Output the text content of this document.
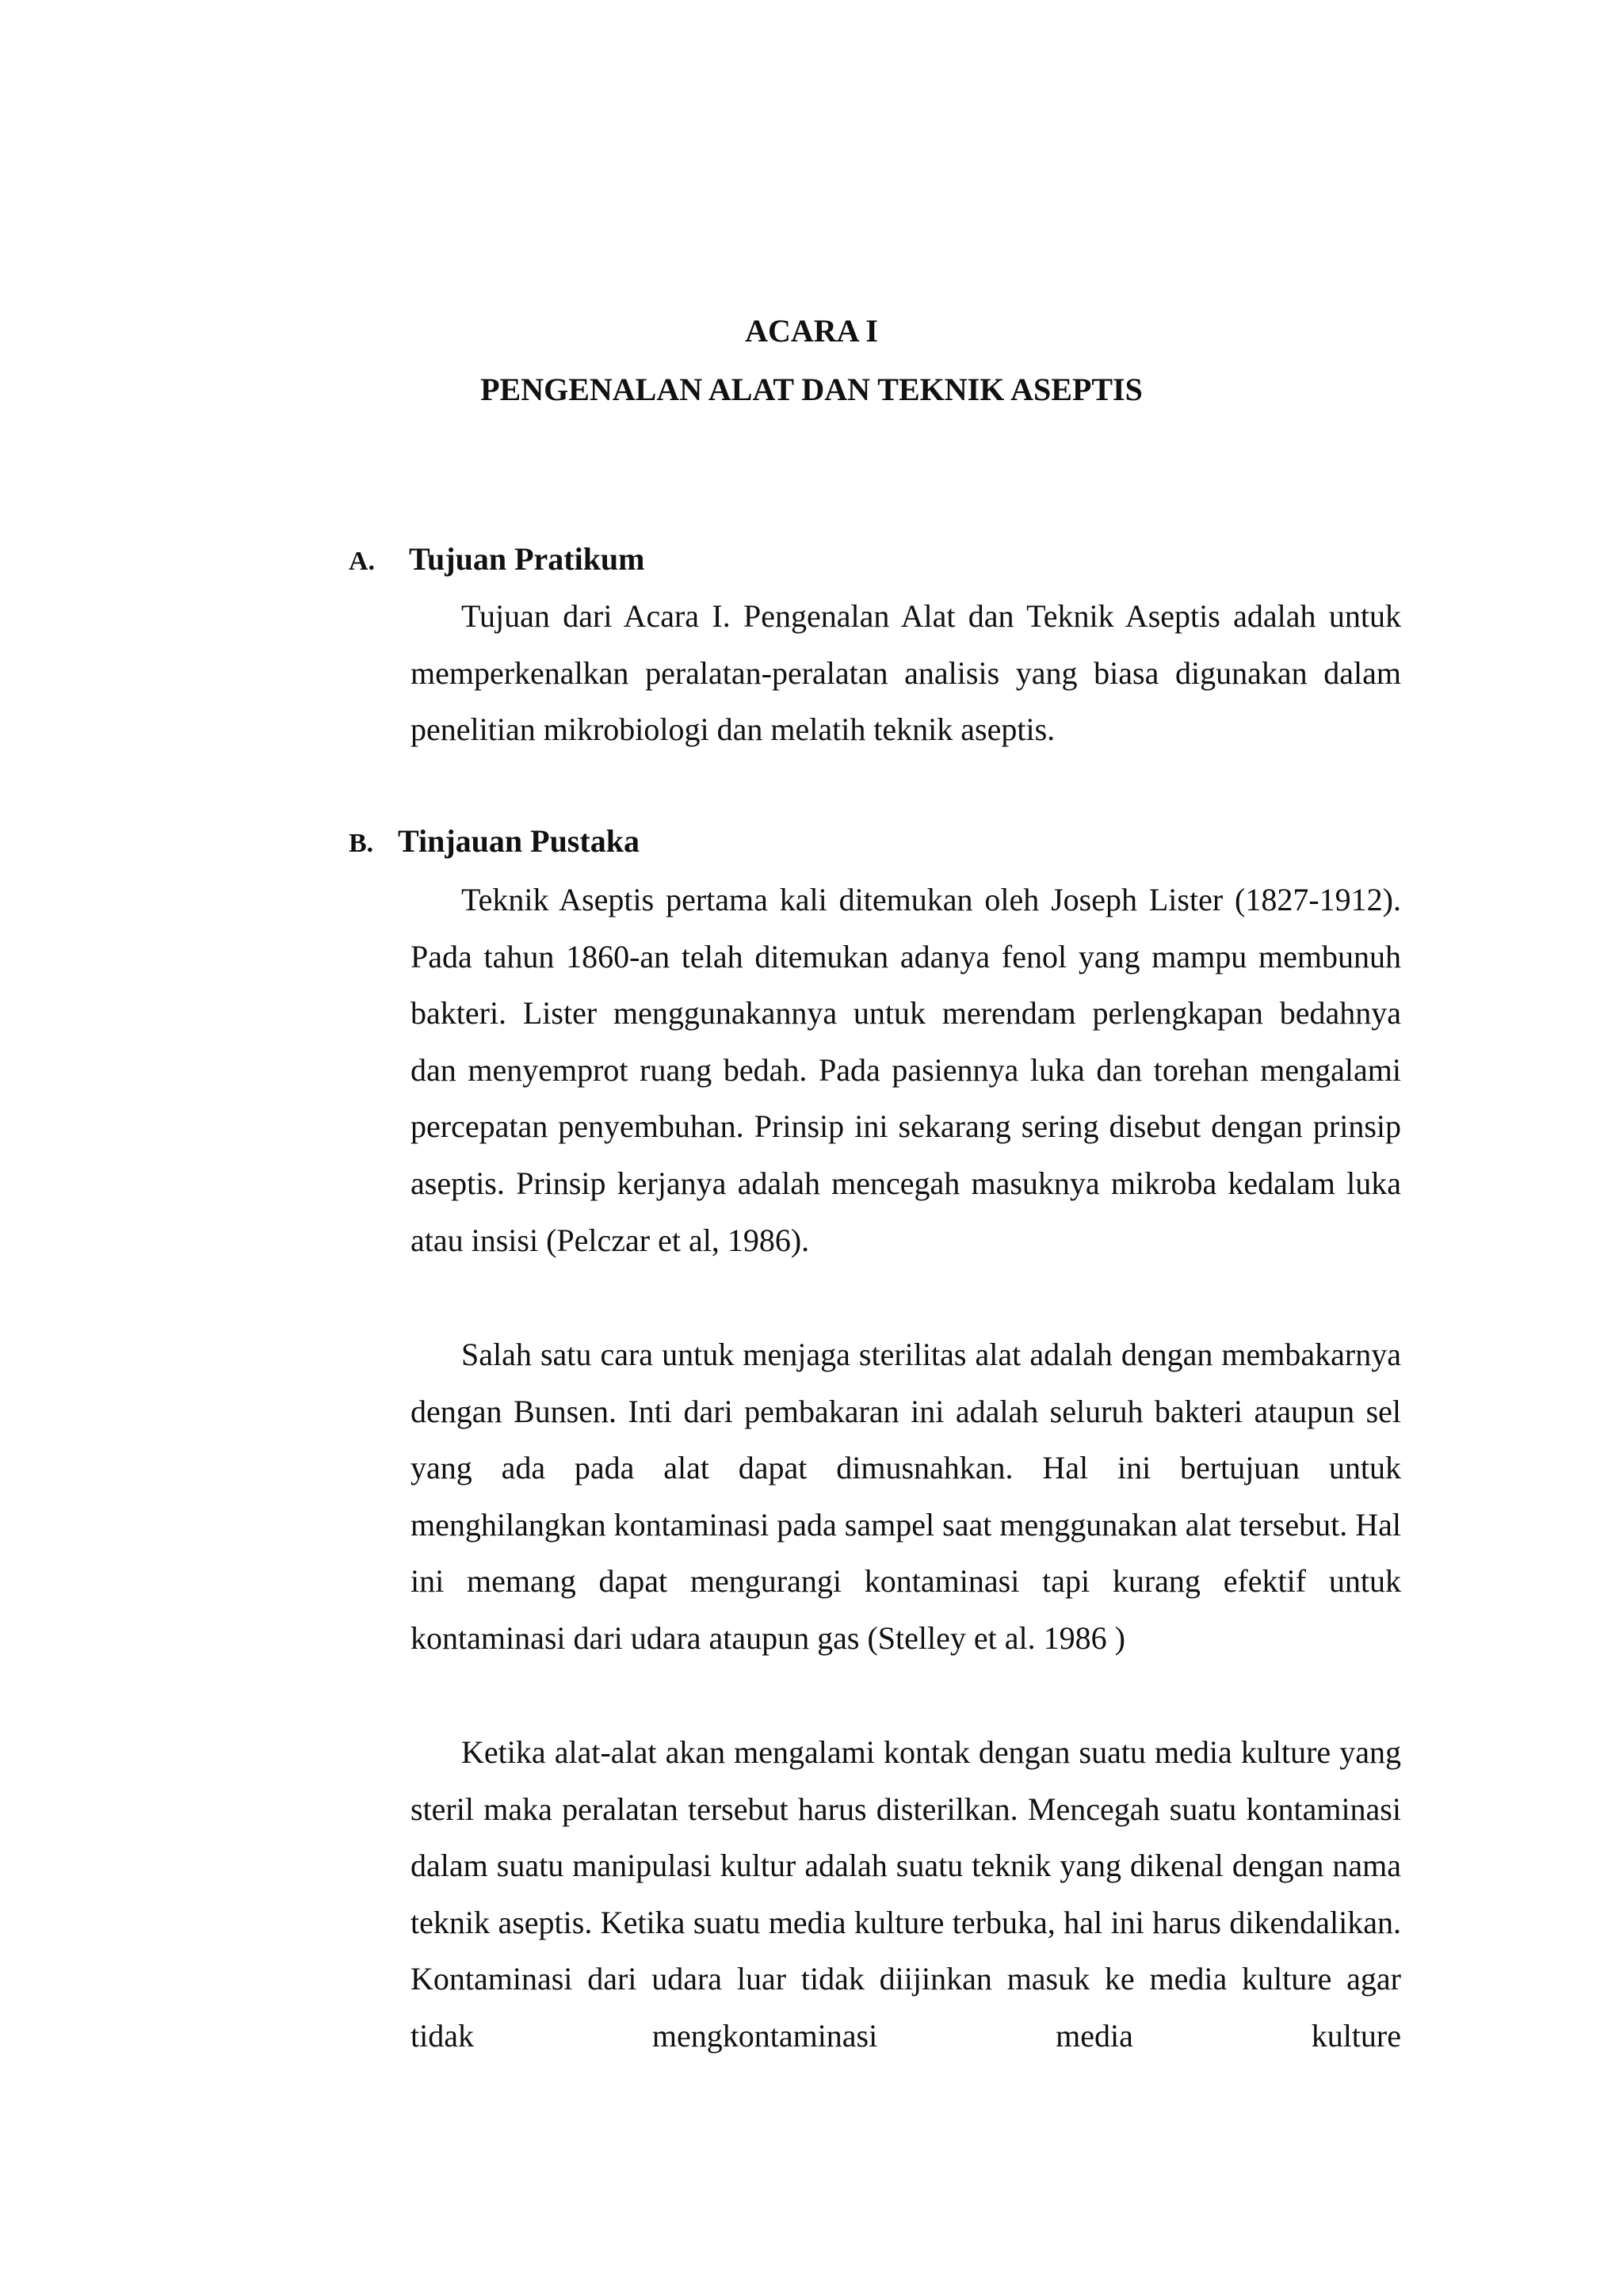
ACARA I
PENGENALAN ALAT DAN TEKNIK ASEPTIS
A. Tujuan Pratikum

Tujuan dari Acara I. Pengenalan Alat dan Teknik Aseptis adalah untuk memperkenalkan peralatan-peralatan analisis yang biasa digunakan dalam penelitian mikrobiologi dan melatih teknik aseptis.

B. Tinjauan Pustaka

Teknik Aseptis pertama kali ditemukan oleh Joseph Lister (1827-1912). Pada tahun 1860-an telah ditemukan adanya fenol yang mampu membunuh bakteri. Lister menggunakannya untuk merendam perlengkapan bedahnya dan menyemprot ruang bedah. Pada pasiennya luka dan torehan mengalami percepatan penyembuhan. Prinsip ini sekarang sering disebut dengan prinsip aseptis. Prinsip kerjanya adalah mencegah masuknya mikroba kedalam luka atau insisi (Pelczar et al, 1986).

Salah satu cara untuk menjaga sterilitas alat adalah dengan membakarnya dengan Bunsen. Inti dari pembakaran ini adalah seluruh bakteri ataupun sel yang ada pada alat dapat dimusnahkan. Hal ini bertujuan untuk menghilangkan kontaminasi pada sampel saat menggunakan alat tersebut. Hal ini memang dapat mengurangi kontaminasi tapi kurang efektif untuk kontaminasi dari udara ataupun gas (Stelley et al. 1986 )

Ketika alat-alat akan mengalami kontak dengan suatu media kulture yang steril maka peralatan tersebut harus disterilkan. Mencegah suatu kontaminasi dalam suatu manipulasi kultur adalah suatu teknik yang dikenal dengan nama teknik aseptis. Ketika suatu media kulture terbuka, hal ini harus dikendalikan. Kontaminasi dari udara luar tidak diijinkan masuk ke media kulture agar tidak mengkontaminasi media kulture
